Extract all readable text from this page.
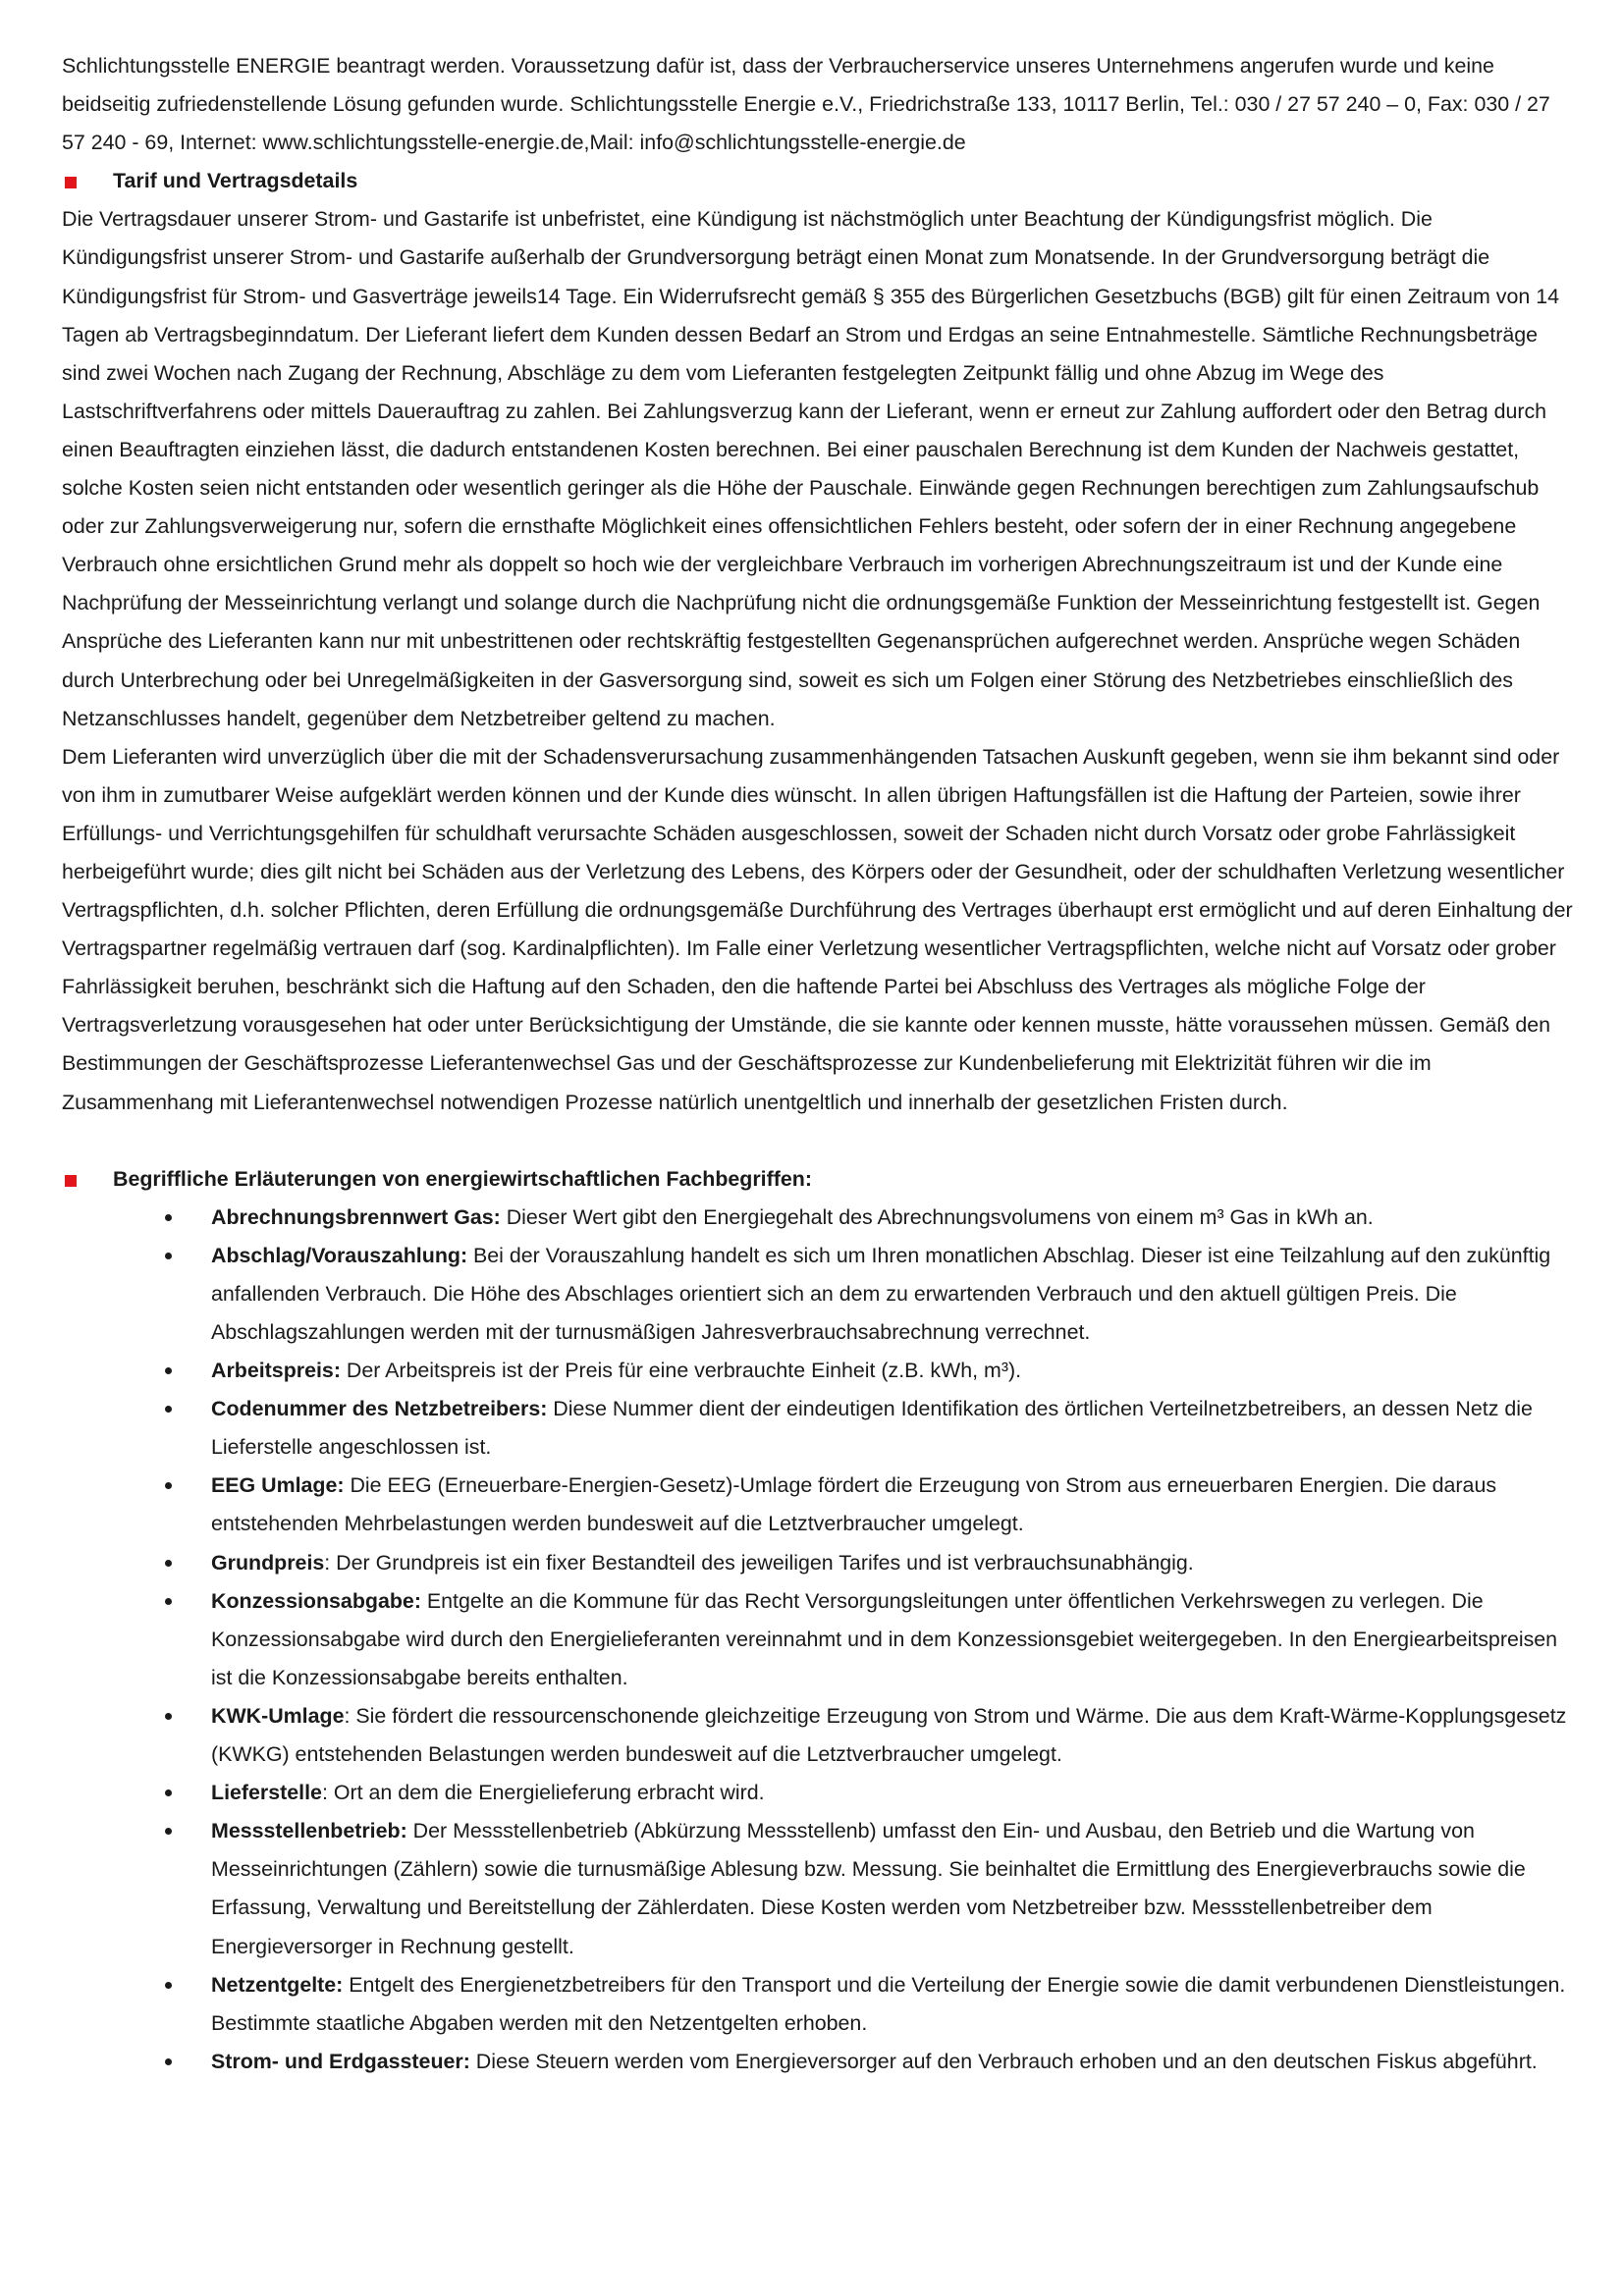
Schlichtungsstelle ENERGIE beantragt werden. Voraussetzung dafür ist, dass der Verbraucherservice unseres Unternehmens angerufen wurde und keine beidseitig zufriedenstellende Lösung gefunden wurde. Schlichtungsstelle Energie e.V., Friedrichstraße 133, 10117 Berlin, Tel.: 030 / 27 57 240 – 0, Fax: 030 / 27 57 240 - 69, Internet: www.schlichtungsstelle-energie.de,Mail: info@schlichtungsstelle-energie.de

Tarif und Vertragsdetails

Die Vertragsdauer unserer Strom- und Gastarife ist unbefristet, eine Kündigung ist nächstmöglich unter Beachtung der Kündigungsfrist möglich. Die Kündigungsfrist unserer Strom- und Gastarife außerhalb der Grundversorgung beträgt einen Monat zum Monatsende. In der Grundversorgung beträgt die Kündigungsfrist für Strom- und Gasverträge jeweils14 Tage. Ein Widerrufsrecht gemäß § 355 des Bürgerlichen Gesetzbuchs (BGB) gilt für einen Zeitraum von 14 Tagen ab Vertragsbeginndatum. Der Lieferant liefert dem Kunden dessen Bedarf an Strom und Erdgas an seine Entnahmestelle. Sämtliche Rechnungsbeträge sind zwei Wochen nach Zugang der Rechnung, Abschläge zu dem vom Lieferanten festgelegten Zeitpunkt fällig und ohne Abzug im Wege des Lastschriftverfahrens oder mittels Dauerauftrag zu zahlen. Bei Zahlungsverzug kann der Lieferant, wenn er erneut zur Zahlung auffordert oder den Betrag durch einen Beauftragten einziehen lässt, die dadurch entstandenen Kosten berechnen. Bei einer pauschalen Berechnung ist dem Kunden der Nachweis gestattet, solche Kosten seien nicht entstanden oder wesentlich geringer als die Höhe der Pauschale. Einwände gegen Rechnungen berechtigen zum Zahlungsaufschub oder zur Zahlungsverweigerung nur, sofern die ernsthafte Möglichkeit eines offensichtlichen Fehlers besteht, oder sofern der in einer Rechnung angegebene Verbrauch ohne ersichtlichen Grund mehr als doppelt so hoch wie der vergleichbare Verbrauch im vorherigen Abrechnungszeitraum ist und der Kunde eine Nachprüfung der Messeinrichtung verlangt und solange durch die Nachprüfung nicht die ordnungsgemäße Funktion der Messeinrichtung festgestellt ist. Gegen Ansprüche des Lieferanten kann nur mit unbestrittenen oder rechtskräftig festgestellten Gegenansprüchen aufgerechnet werden. Ansprüche wegen Schäden durch Unterbrechung oder bei Unregelmäßigkeiten in der Gasversorgung sind, soweit es sich um Folgen einer Störung des Netzbetriebes einschließlich des Netzanschlusses handelt, gegenüber dem Netzbetreiber geltend zu machen.

Dem Lieferanten wird unverzüglich über die mit der Schadensverursachung zusammenhängenden Tatsachen Auskunft gegeben, wenn sie ihm bekannt sind oder von ihm in zumutbarer Weise aufgeklärt werden können und der Kunde dies wünscht. In allen übrigen Haftungsfällen ist die Haftung der Parteien, sowie ihrer Erfüllungs- und Verrichtungsgehilfen für schuldhaft verursachte Schäden ausgeschlossen, soweit der Schaden nicht durch Vorsatz oder grobe Fahrlässigkeit herbeigeführt wurde; dies gilt nicht bei Schäden aus der Verletzung des Lebens, des Körpers oder der Gesundheit, oder der schuldhaften Verletzung wesentlicher Vertragspflichten, d.h. solcher Pflichten, deren Erfüllung die ordnungsgemäße Durchführung des Vertrages überhaupt erst ermöglicht und auf deren Einhaltung der Vertragspartner regelmäßig vertrauen darf (sog. Kardinalpflichten). Im Falle einer Verletzung wesentlicher Vertragspflichten, welche nicht auf Vorsatz oder grober Fahrlässigkeit beruhen, beschränkt sich die Haftung auf den Schaden, den die haftende Partei bei Abschluss des Vertrages als mögliche Folge der Vertragsverletzung vorausgesehen hat oder unter Berücksichtigung der Umstände, die sie kannte oder kennen musste, hätte voraussehen müssen. Gemäß den Bestimmungen der Geschäftsprozesse Lieferantenwechsel Gas und der Geschäftsprozesse zur Kundenbelieferung mit Elektrizität führen wir die im Zusammenhang mit Lieferantenwechsel notwendigen Prozesse natürlich unentgeltlich und innerhalb der gesetzlichen Fristen durch.

Begriffliche Erläuterungen von energiewirtschaftlichen Fachbegriffen:
Abrechnungsbrennwert Gas: Dieser Wert gibt den Energiegehalt des Abrechnungsvolumens von einem m³ Gas in kWh an.
Abschlag/Vorauszahlung: Bei der Vorauszahlung handelt es sich um Ihren monatlichen Abschlag. Dieser ist eine Teilzahlung auf den zukünftig anfallenden Verbrauch. Die Höhe des Abschlages orientiert sich an dem zu erwartenden Verbrauch und den aktuell gültigen Preis. Die Abschlagszahlungen werden mit der turnusmäßigen Jahresverbrauchsabrechnung verrechnet.
Arbeitspreis: Der Arbeitspreis ist der Preis für eine verbrauchte Einheit (z.B. kWh, m³).
Codenummer des Netzbetreibers: Diese Nummer dient der eindeutigen Identifikation des örtlichen Verteilnetzbetreibers, an dessen Netz die Lieferstelle angeschlossen ist.
EEG Umlage: Die EEG (Erneuerbare-Energien-Gesetz)-Umlage fördert die Erzeugung von Strom aus erneuerbaren Energien. Die daraus entstehenden Mehrbelastungen werden bundesweit auf die Letztverbraucher umgelegt.
Grundpreis: Der Grundpreis ist ein fixer Bestandteil des jeweiligen Tarifes und ist verbrauchsunabhängig.
Konzessionsabgabe: Entgelte an die Kommune für das Recht Versorgungsleitungen unter öffentlichen Verkehrswegen zu verlegen. Die Konzessionsabgabe wird durch den Energielieferanten vereinnahmt und in dem Konzessionsgebiet weitergegeben. In den Energiearbeitspreisen ist die Konzessionsabgabe bereits enthalten.
KWK-Umlage: Sie fördert die ressourcenschonende gleichzeitige Erzeugung von Strom und Wärme. Die aus dem Kraft-Wärme-Kopplungsgesetz (KWKG) entstehenden Belastungen werden bundesweit auf die Letztverbraucher umgelegt.
Lieferstelle: Ort an dem die Energielieferung erbracht wird.
Messstellenbetrieb: Der Messstellenbetrieb (Abkürzung Messstellenb) umfasst den Ein- und Ausbau, den Betrieb und die Wartung von Messeinrichtungen (Zählern) sowie die turnusmäßige Ablesung bzw. Messung. Sie beinhaltet die Ermittlung des Energieverbrauchs sowie die Erfassung, Verwaltung und Bereitstellung der Zählerdaten. Diese Kosten werden vom Netzbetreiber bzw. Messstellenbetreiber dem Energieversorger in Rechnung gestellt.
Netzentgelte: Entgelt des Energienetzbetreibers für den Transport und die Verteilung der Energie sowie die damit verbundenen Dienstleistungen. Bestimmte staatliche Abgaben werden mit den Netzentgelten erhoben.
Strom- und Erdgassteuer: Diese Steuern werden vom Energieversorger auf den Verbrauch erhoben und an den deutschen Fiskus abgeführt.
